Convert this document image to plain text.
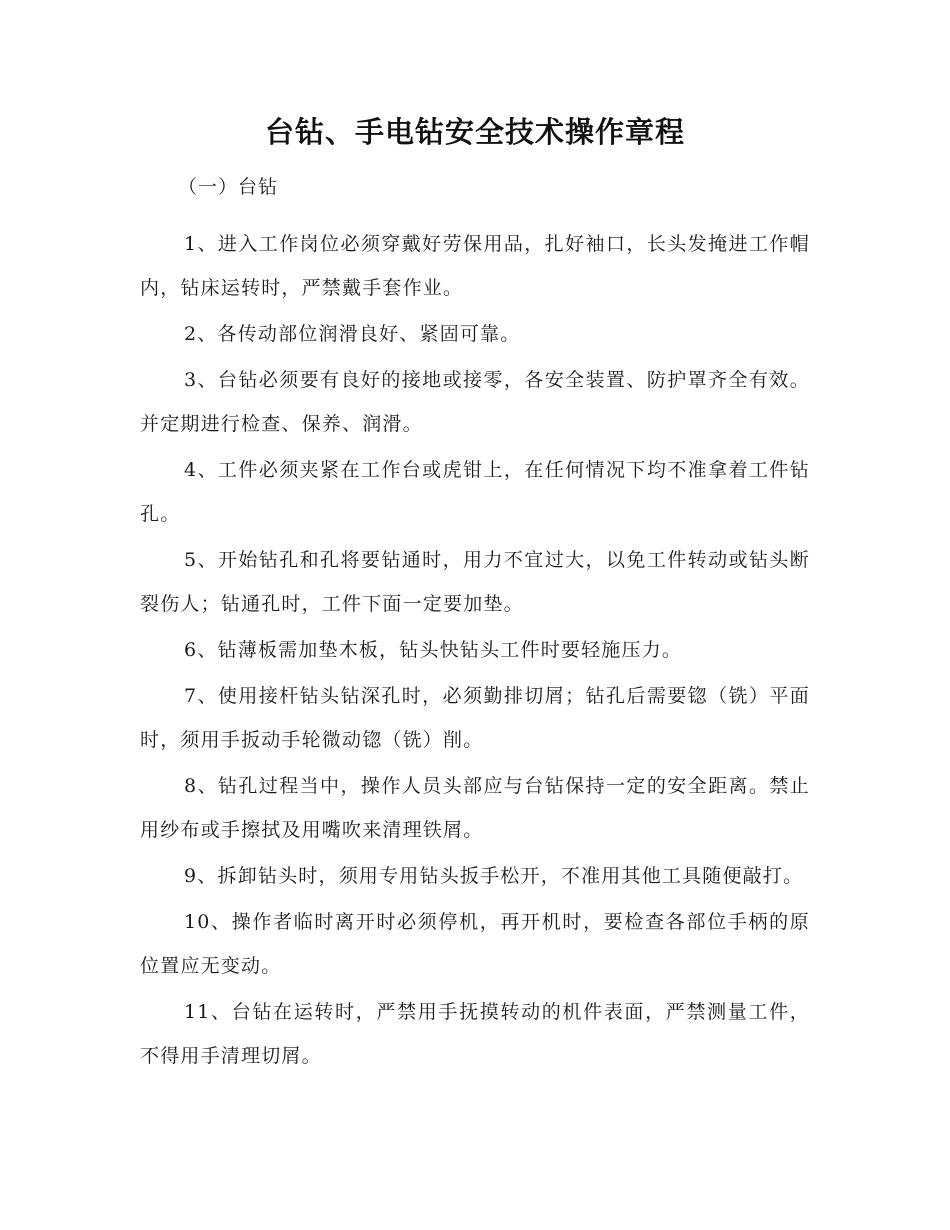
台钻、手电钻安全技术操作章程
（一）台钻

1、进入工作岗位必须穿戴好劳保用品，扎好袖口，长头发掩进工作帽内，钻床运转时，严禁戴手套作业。

2、各传动部位润滑良好、紧固可靠。

3、台钻必须要有良好的接地或接零，各安全装置、防护罩齐全有效。并定期进行检查、保养、润滑。

4、工件必须夹紧在工作台或虎钳上，在任何情况下均不准拿着工件钻孔。

5、开始钻孔和孔将要钻通时，用力不宜过大，以免工件转动或钻头断裂伤人；钻通孔时，工件下面一定要加垫。

6、钻薄板需加垫木板，钻头快钻头工件时要轻施压力。

7、使用接杆钻头钻深孔时，必须勤排切屑；钻孔后需要锪（铣）平面时，须用手扳动手轮微动锪（铣）削。

8、钻孔过程当中，操作人员头部应与台钻保持一定的安全距离。禁止用纱布或手擦拭及用嘴吹来清理铁屑。

9、拆卸钻头时，须用专用钻头扳手松开，不准用其他工具随便敲打。

10、操作者临时离开时必须停机，再开机时，要检查各部位手柄的原位置应无变动。

11、台钻在运转时，严禁用手抚摸转动的机件表面，严禁测量工件，不得用手清理切屑。
